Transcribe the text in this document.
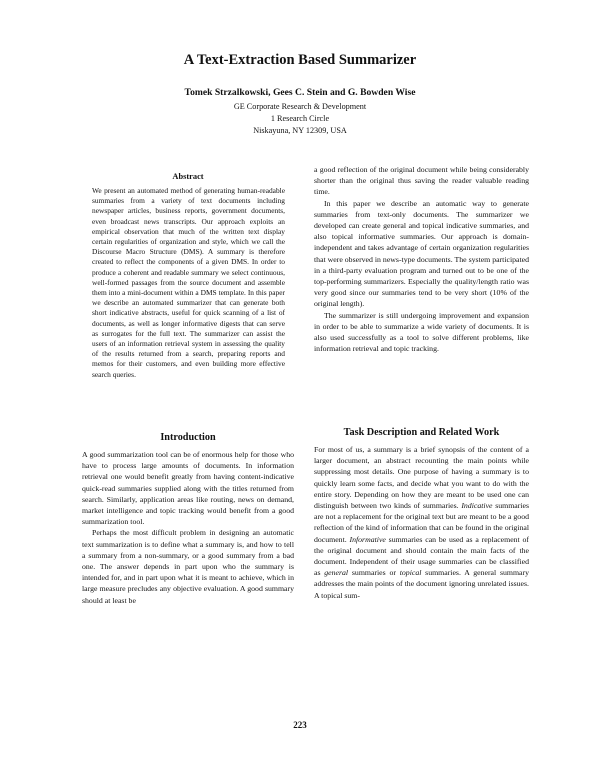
A Text-Extraction Based Summarizer
Tomek Strzalkowski, Gees C. Stein and G. Bowden Wise
GE Corporate Research & Development
1 Research Circle
Niskayuna, NY 12309, USA
Abstract
We present an automated method of generating human-readable summaries from a variety of text documents including newspaper articles, business reports, government documents, even broadcast news transcripts. Our approach exploits an empirical observation that much of the written text display certain regularities of organization and style, which we call the Discourse Macro Structure (DMS). A summary is therefore created to reflect the components of a given DMS. In order to produce a coherent and readable summary we select continuous, well-formed passages from the source document and assemble them into a mini-document within a DMS template. In this paper we describe an automated summarizer that can generate both short indicative abstracts, useful for quick scanning of a list of documents, as well as longer informative digests that can serve as surrogates for the full text. The summarizer can assist the users of an information retrieval system in assessing the quality of the results returned from a search, preparing reports and memos for their customers, and even building more effective search queries.

a good reflection of the original document while being considerably shorter than the original thus saving the reader valuable reading time.

In this paper we describe an automatic way to generate summaries from text-only documents. The summarizer we developed can create general and topical indicative summaries, and also topical informative summaries. Our approach is domain-independent and takes advantage of certain organization regularities that were observed in news-type documents. The system participated in a third-party evaluation program and turned out to be one of the top-performing summarizers. Especially the quality/length ratio was very good since our summaries tend to be very short (10% of the original length).

The summarizer is still undergoing improvement and expansion in order to be able to summarize a wide variety of documents. It is also used successfully as a tool to solve different problems, like information retrieval and topic tracking.

Introduction

A good summarization tool can be of enormous help for those who have to process large amounts of documents. In information retrieval one would benefit greatly from having content-indicative quick-read summaries supplied along with the titles returned from search. Similarly, application areas like routing, news on demand, market intelligence and topic tracking would benefit from a good summarization tool.

Perhaps the most difficult problem in designing an automatic text summarization is to define what a summary is, and how to tell a summary from a non-summary, or a good summary from a bad one. The answer depends in part upon who the summary is intended for, and in part upon what it is meant to achieve, which in large measure precludes any objective evaluation. A good summary should at least be

Task Description and Related Work

For most of us, a summary is a brief synopsis of the content of a larger document, an abstract recounting the main points while suppressing most details. One purpose of having a summary is to quickly learn some facts, and decide what you want to do with the entire story. Depending on how they are meant to be used one can distinguish between two kinds of summaries. Indicative summaries are not a replacement for the original text but are meant to be a good reflection of the kind of information that can be found in the original document. Informative summaries can be used as a replacement of the original document and should contain the main facts of the document. Independent of their usage summaries can be classified as general summaries or topical summaries. A general summary addresses the main points of the document ignoring unrelated issues. A topical sum-

223
